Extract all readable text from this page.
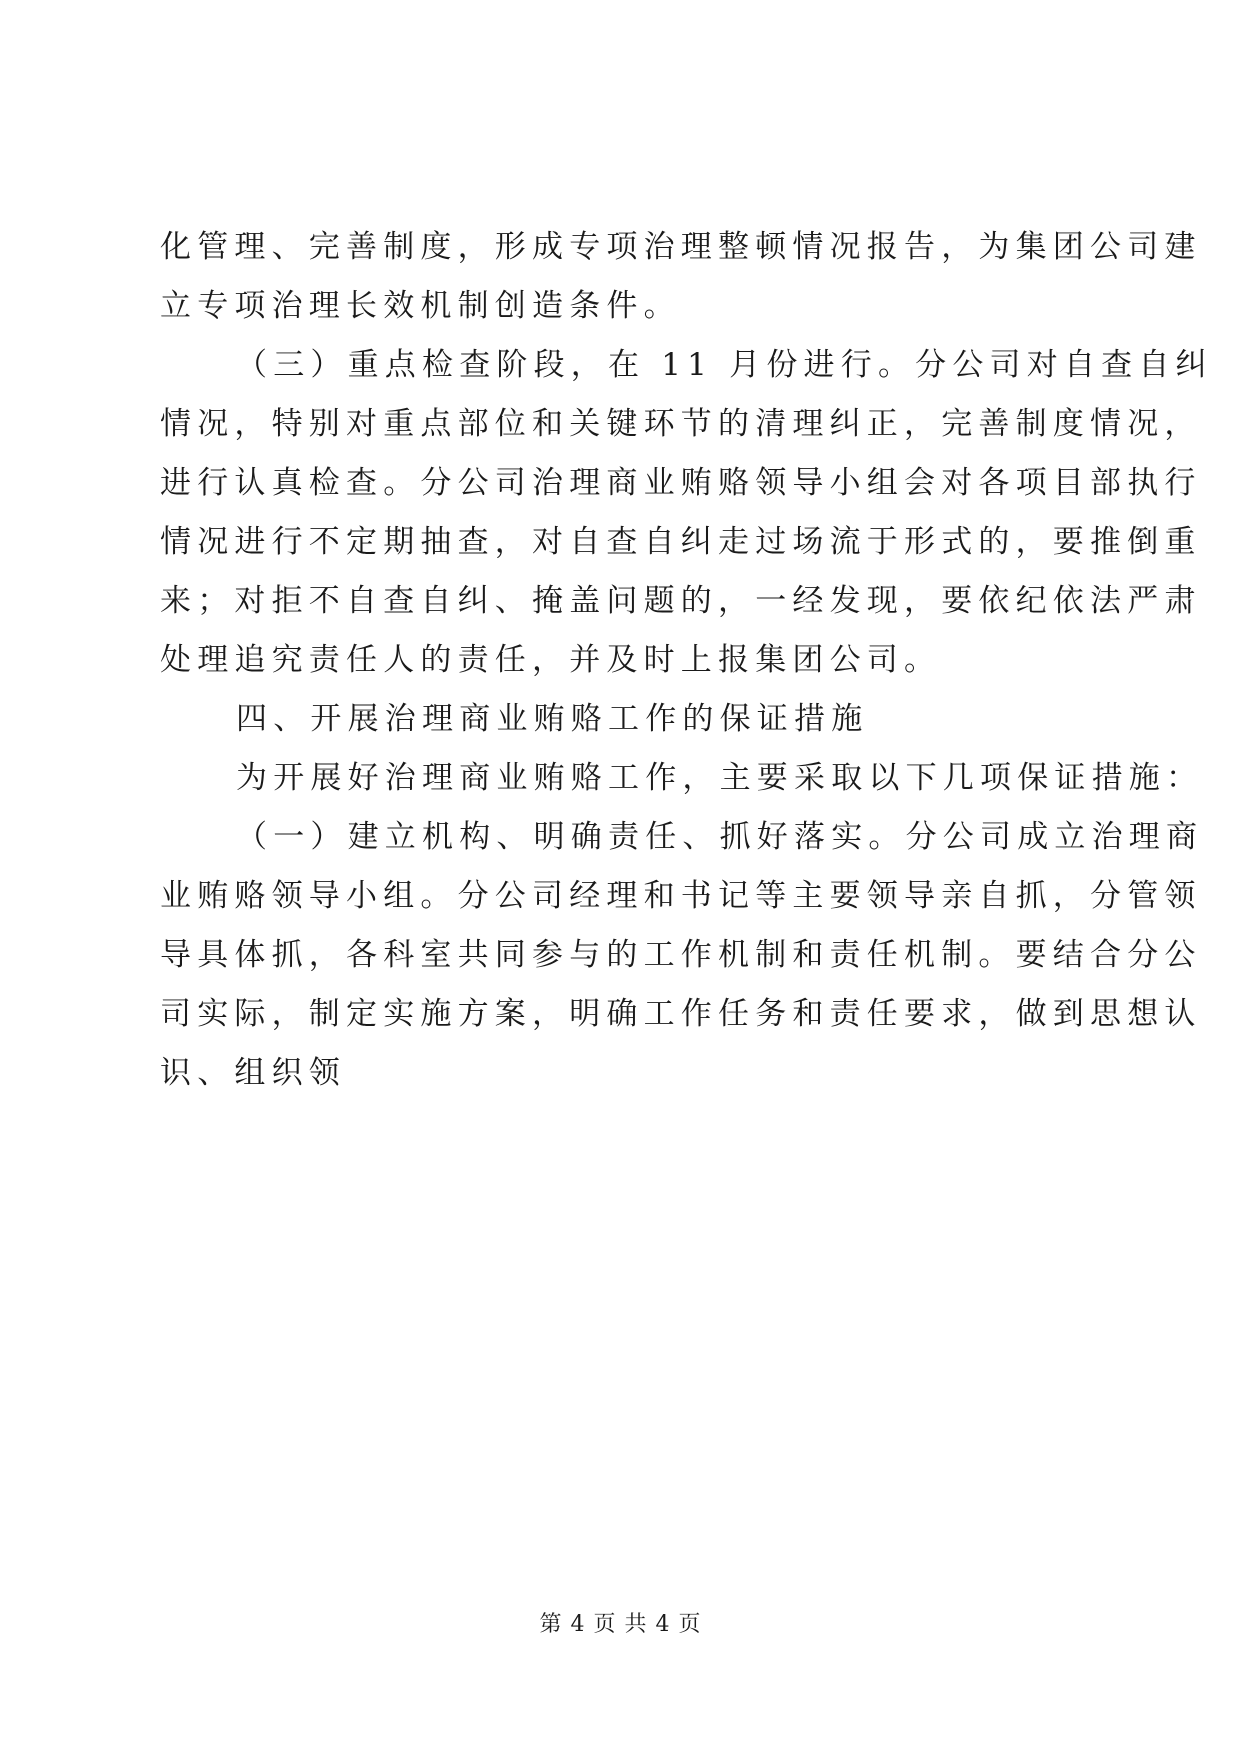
化管理、完善制度，形成专项治理整顿情况报告，为集团公司建
立专项治理长效机制创造条件。
（三）重点检查阶段，在 11 月份进行。分公司对自查自纠
情况，特别对重点部位和关键环节的清理纠正，完善制度情况，
进行认真检查。分公司治理商业贿赂领导小组会对各项目部执行
情况进行不定期抽查，对自查自纠走过场流于形式的，要推倒重
来；对拒不自查自纠、掩盖问题的，一经发现，要依纪依法严肃
处理追究责任人的责任，并及时上报集团公司。
四、开展治理商业贿赂工作的保证措施
为开展好治理商业贿赂工作，主要采取以下几项保证措施：
（一）建立机构、明确责任、抓好落实。分公司成立治理商
业贿赂领导小组。分公司经理和书记等主要领导亲自抓，分管领
导具体抓，各科室共同参与的工作机制和责任机制。要结合分公
司实际，制定实施方案，明确工作任务和责任要求，做到思想认
识、组织领
第 4 页 共 4 页
